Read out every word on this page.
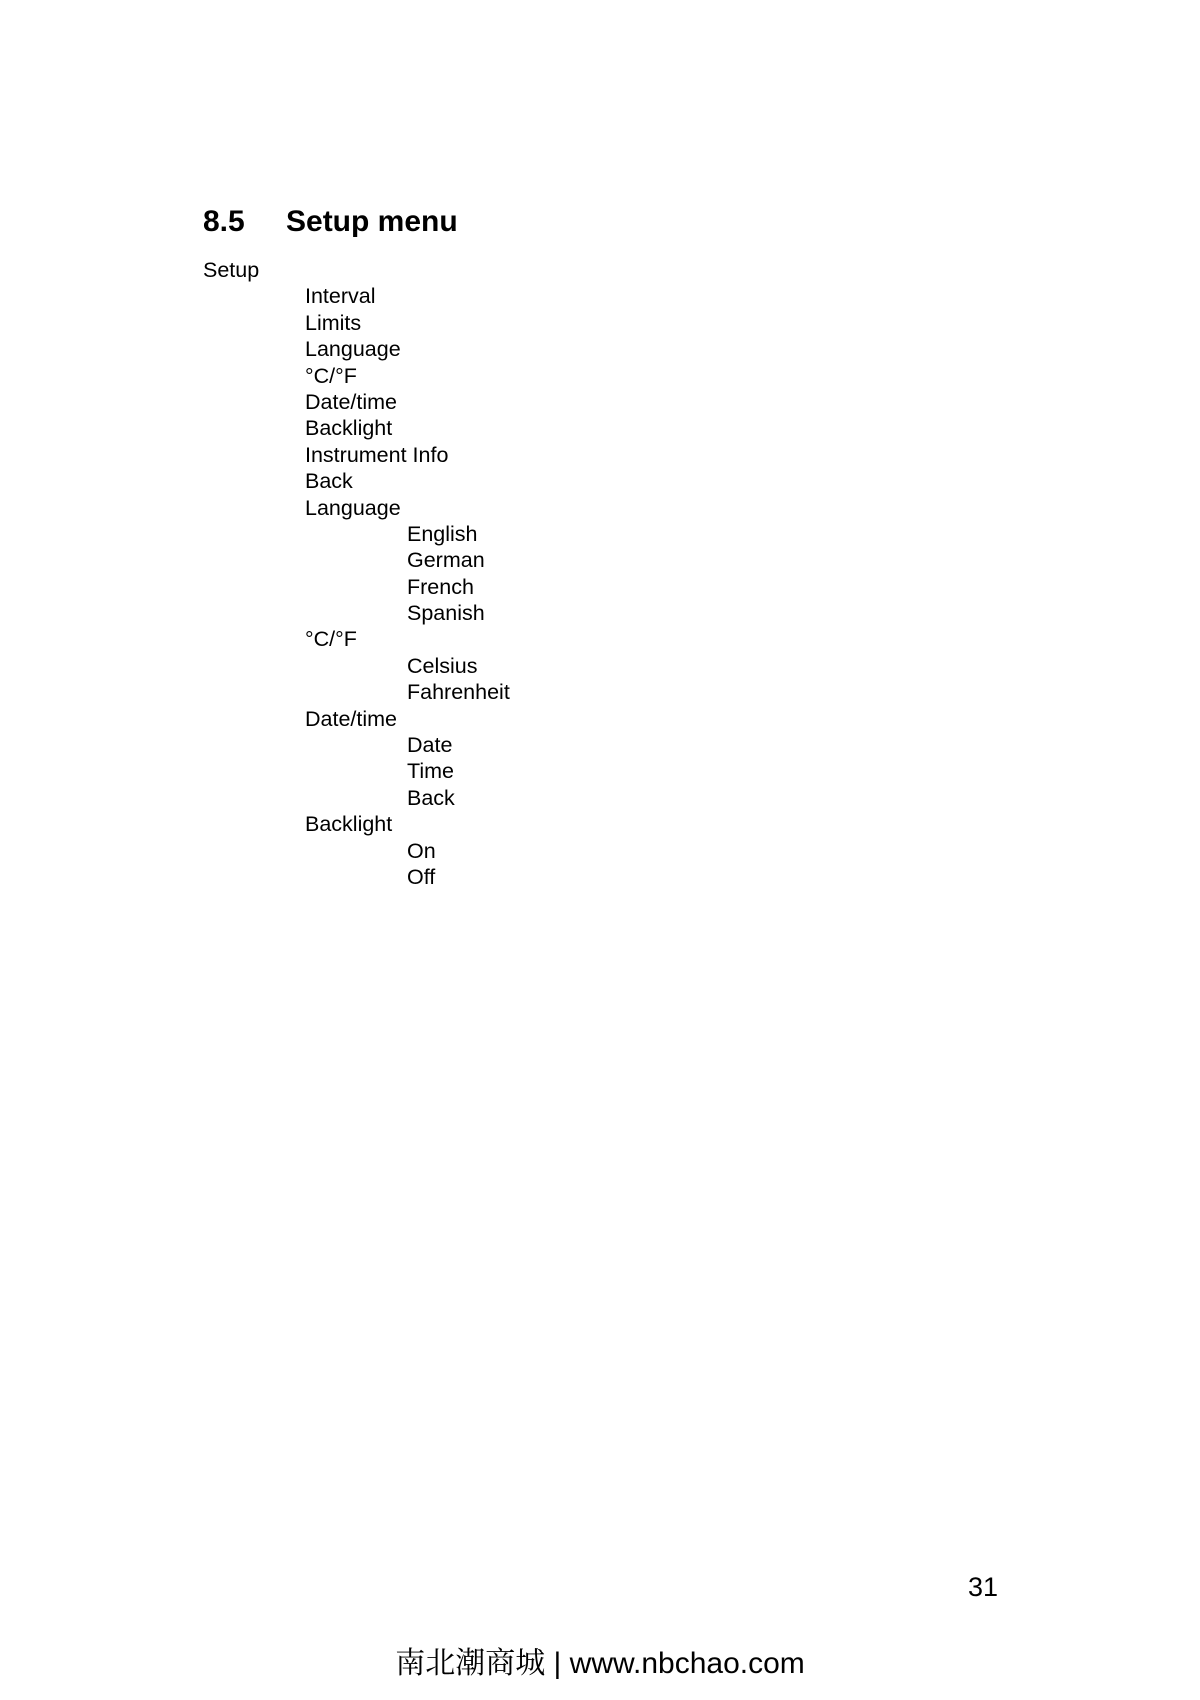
8.5 Setup menu
Setup
Interval
Limits
Language
°C/°F
Date/time
Backlight
Instrument Info
Back
Language
English
German
French
Spanish
°C/°F
Celsius
Fahrenheit
Date/time
Date
Time
Back
Backlight
On
Off
31
南北潮商城 | www.nbchao.com
